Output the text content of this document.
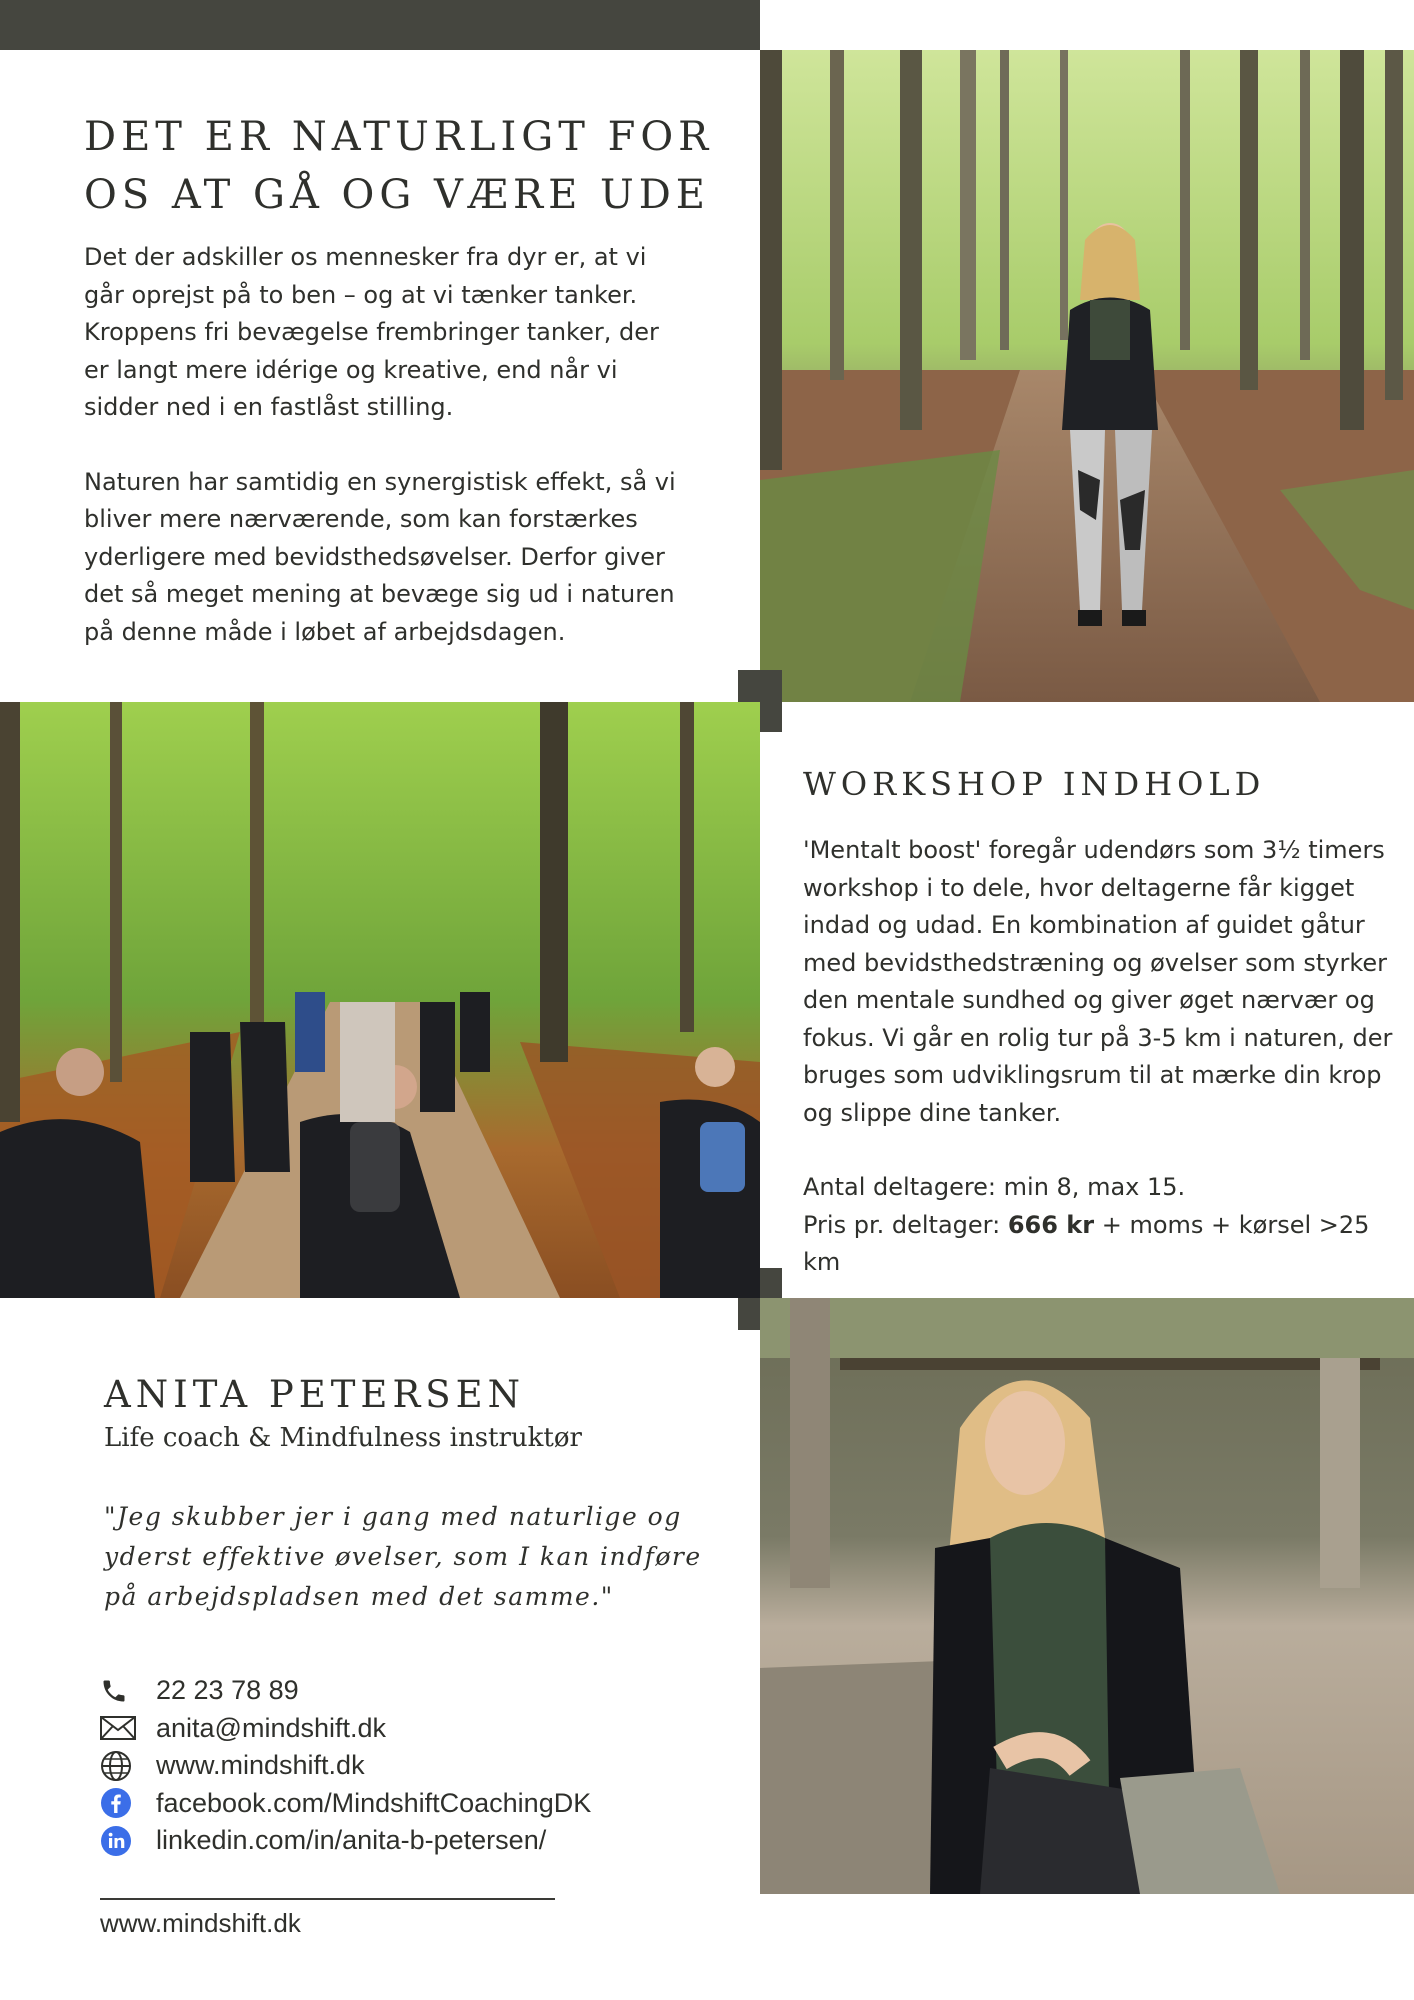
DET ER NATURLIGT FOR
OS AT GÅ OG VÆRE UDE

Det der adskiller os mennesker fra dyr er, at vi går oprejst på to ben – og at vi tænker tanker. Kroppens fri bevægelse frembringer tanker, der er langt mere idérige og kreative, end når vi sidder ned i en fastlåst stilling.

Naturen har samtidig en synergistisk effekt, så vi bliver mere nærværende, som kan forstærkes yderligere med bevidsthedsøvelser. Derfor giver det så meget mening at bevæge sig ud i naturen på denne måde i løbet af arbejdsdagen.

WORKSHOP INDHOLD

'Mentalt boost' foregår udendørs som 3½ timers workshop i to dele, hvor deltagerne får kigget indad og udad. En kombination af guidet gåtur med bevidsthedstræning og øvelser som styrker den mentale sundhed og giver øget nærvær og fokus. Vi går en rolig tur på 3-5 km i naturen, der bruges som udviklingsrum til at mærke din krop og slippe dine tanker.

Antal deltagere: min 8, max 15.

Pris pr. deltager: 666 kr + moms + kørsel >25 km
ANITA PETERSEN
Life coach & Mindfulness instruktør
"Jeg skubber jer i gang med naturlige og yderst effektive øvelser, som I kan indføre på arbejdspladsen med det samme."
22 23 78 89
anita@mindshift.dk
www.mindshift.dk
facebook.com/MindshiftCoachingDK
linkedin.com/in/anita-b-petersen/
www.mindshift.dk
